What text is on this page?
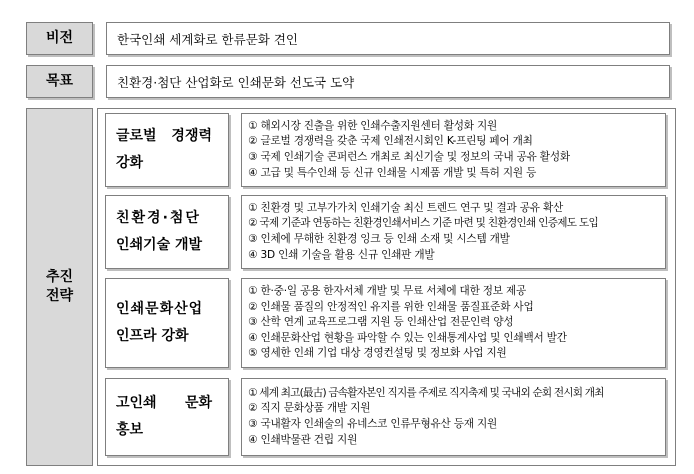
비전	한국인쇄 세계화로 한류문화 견인
목표	친환경·첨단 산업화로 인쇄문화 선도국 도약
추진
전략
글로벌 경쟁력
강화
① 해외시장 진출을 위한 인쇄수출지원센터 활성화 지원
② 글로벌 경쟁력을 갖춘 국제 인쇄전시회인 K-프린팅 페어 개최
③ 국제 인쇄기술 콘퍼런스 개최로 최신기술 및 정보의 국내 공유 활성화
④ 고급 및 특수인쇄 등 신규 인쇄물 시제품 개발 및 특허 지원 등
친환경·첨단
인쇄기술 개발
① 친환경 및 고부가가치 인쇄기술 최신 트렌드 연구 및 결과 공유 확산
② 국제 기준과 연동하는 친환경인쇄서비스 기준 마련 및 친환경인쇄 인증제도 도입
③ 인체에 무해한 친환경 잉크 등 인쇄 소재 및 시스템 개발
④ 3D 인쇄 기술을 활용 신규 인쇄판 개발
인쇄문화산업
인프라 강화
① 한·중·일 공용 한자서체 개발 및 무료 서체에 대한 정보 제공
② 인쇄물 품질의 안정적인 유지를 위한 인쇄물 품질표준화 사업
③ 산학 연계 교육프로그램 지원 등 인쇄산업 전문인력 양성
④ 인쇄문화산업 현황을 파악할 수 있는 인쇄통계사업 및 인쇄백서 발간
⑤ 영세한 인쇄 기업 대상 경영컨설팅 및 정보화 사업 지원
고인쇄 문화
홍보
① 세계 최고(最古) 금속활자본인 직지를 주제로 직지축제 및 국내외 순회 전시회 개최
② 직지 문화상품 개발 지원
③ 국내활자 인쇄술의 유네스코 인류무형유산 등재 지원
④ 인쇄박물관 건립 지원
